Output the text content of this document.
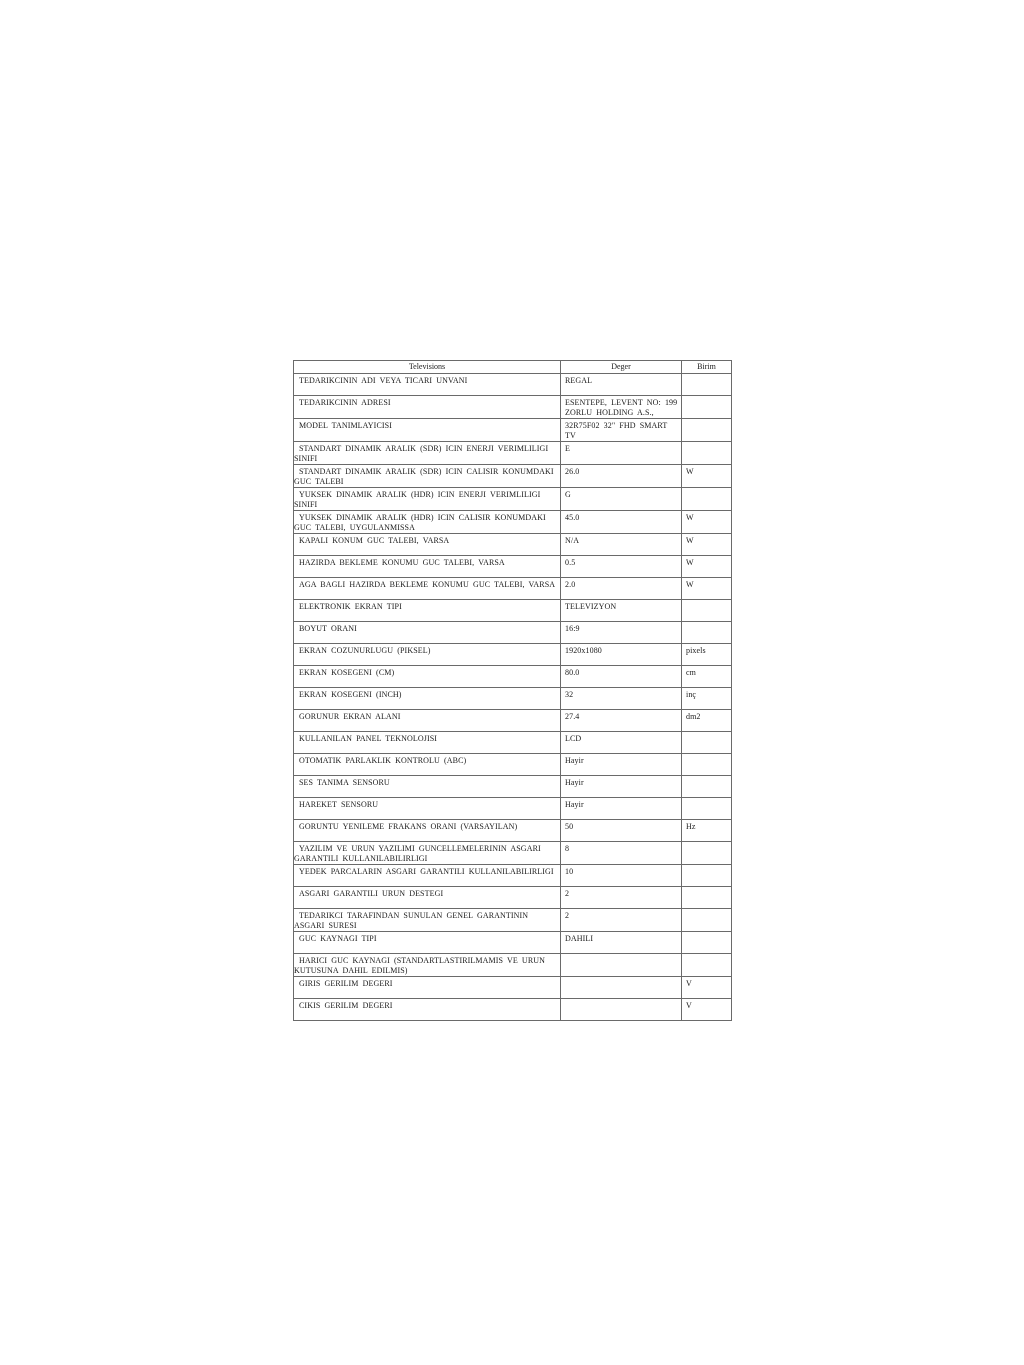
Televisions	Deger	Birim

TEDARIKCININ ADI VEYA TICARI UNVANI	REGAL	

TEDARIKCININ ADRESI	ESENTEPE, LEVENT NO: 199 ZORLU HOLDING A.S.,	

MODEL TANIMLAYICISI	32R75F02 32" FHD SMART TV	

STANDART DINAMIK ARALIK (SDR) ICIN ENERJI VERIMLILIGI SINIFI	E	

STANDART DINAMIK ARALIK (SDR) ICIN CALISIR KONUMDAKI GUC TALEBI	26.0	W

YUKSEK DINAMIK ARALIK (HDR) ICIN ENERJI VERIMLILIGI SINIFI	G	

YUKSEK DINAMIK ARALIK (HDR) ICIN CALISIR KONUMDAKI GUC TALEBI, UYGULANMISSA	45.0	W

KAPALI KONUM GUC TALEBI, VARSA	N/A	W

HAZIRDA BEKLEME KONUMU GUC TALEBI, VARSA	0.5	W

AGA BAGLI HAZIRDA BEKLEME KONUMU GUC TALEBI, VARSA	2.0	W

ELEKTRONIK EKRAN TIPI	TELEVIZYON	

BOYUT ORANI	16:9	

EKRAN COZUNURLUGU (PIKSEL)	1920x1080	pixels

EKRAN KOSEGENI (CM)	80.0	cm

EKRAN KOSEGENI (INCH)	32	inç

GORUNUR EKRAN ALANI	27.4	dm2

KULLANILAN PANEL TEKNOLOJISI	LCD	

OTOMATIK PARLAKLIK KONTROLU (ABC)	Hayir	

SES TANIMA SENSORU	Hayir	

HAREKET SENSORU	Hayir	

GORUNTU YENILEME FRAKANS ORANI (VARSAYILAN)	50	Hz

YAZILIM VE URUN YAZILIMI GUNCELLEMELERININ ASGARI GARANTILI KULLANILABILIRLIGI	8	

YEDEK PARCALARIN ASGARI GARANTILI KULLANILABILIRLIGI	10	

ASGARI GARANTILI URUN DESTEGI	2	

TEDARIKCI TARAFINDAN SUNULAN GENEL GARANTININ ASGARI SURESI	2	

GUC KAYNAGI TIPI	DAHILI	

HARICI GUC KAYNAGI (STANDARTLASTIRILMAMIS VE URUN KUTUSUNA DAHIL EDILMIS)		

GIRIS GERILIM DEGERI		V

CIKIS GERILIM DEGERI		V
